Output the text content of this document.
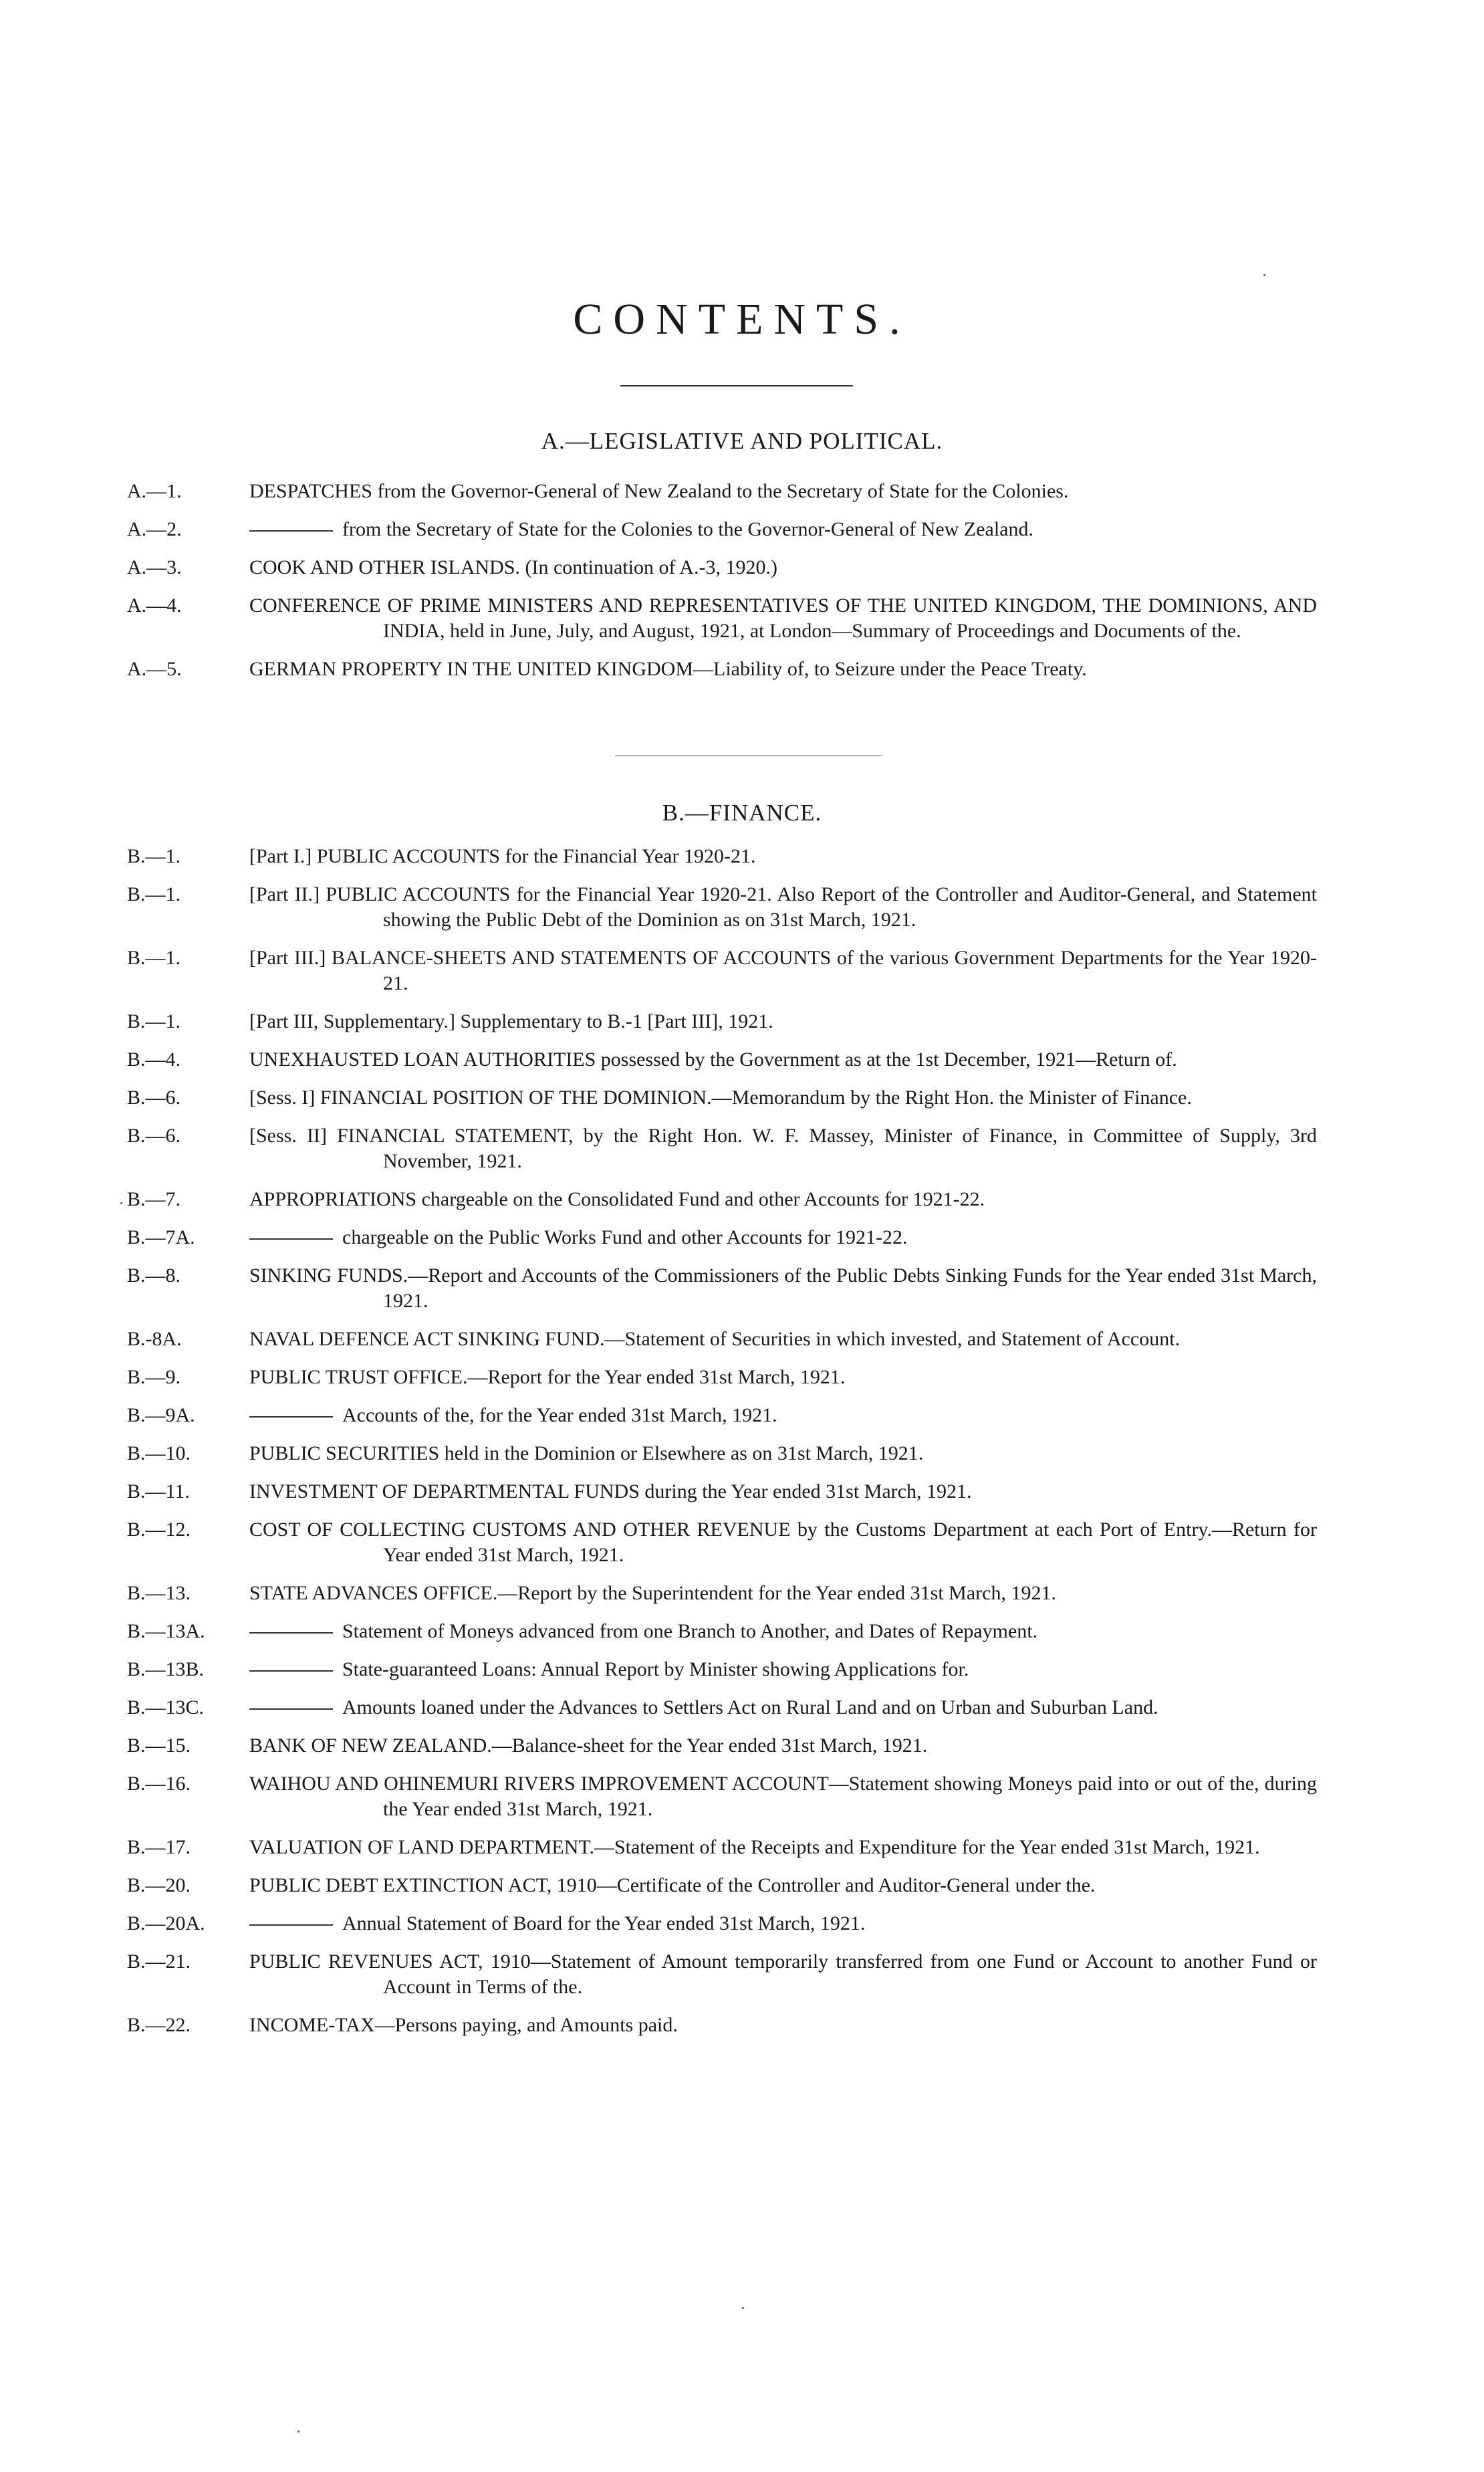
CONTENTS.
A.—LEGISLATIVE AND POLITICAL.
A.—1.	DESPATCHES from the Governor-General of New Zealand to the Secretary of State for the Colonies.
A.—2.	from the Secretary of State for the Colonies to the Governor-General of New Zealand.
A.—3.	COOK AND OTHER ISLANDS. (In continuation of A.-3, 1920.)
A.—4.	CONFERENCE OF PRIME MINISTERS AND REPRESENTATIVES OF THE UNITED KINGDOM, THE DOMINIONS, AND INDIA, held in June, July, and August, 1921, at London—Summary of Proceedings and Documents of the.
A.—5.	GERMAN PROPERTY IN THE UNITED KINGDOM—Liability of, to Seizure under the Peace Treaty.
B.—FINANCE.
B.—1.	[Part I.] PUBLIC ACCOUNTS for the Financial Year 1920-21.
B.—1.	[Part II.] PUBLIC ACCOUNTS for the Financial Year 1920-21. Also Report of the Controller and Auditor-General, and Statement showing the Public Debt of the Dominion as on 31st March, 1921.
B.—1.	[Part III.] BALANCE-SHEETS AND STATEMENTS OF ACCOUNTS of the various Government Departments for the Year 1920-21.
B.—1.	[Part III, Supplementary.] Supplementary to B.-1 [Part III], 1921.
B.—4.	UNEXHAUSTED LOAN AUTHORITIES possessed by the Government as at the 1st December, 1921—Return of.
B.—6.	[Sess. I] FINANCIAL POSITION OF THE DOMINION.—Memorandum by the Right Hon. the Minister of Finance.
B.—6.	[Sess. II] FINANCIAL STATEMENT, by the Right Hon. W. F. Massey, Minister of Finance, in Committee of Supply, 3rd November, 1921.
B.—7.	APPROPRIATIONS chargeable on the Consolidated Fund and other Accounts for 1921-22.
B.—7A.	chargeable on the Public Works Fund and other Accounts for 1921-22.
B.—8.	SINKING FUNDS.—Report and Accounts of the Commissioners of the Public Debts Sinking Funds for the Year ended 31st March, 1921.
B.-8A.	NAVAL DEFENCE ACT SINKING FUND.—Statement of Securities in which invested, and Statement of Account.
B.—9.	PUBLIC TRUST OFFICE.—Report for the Year ended 31st March, 1921.
B.—9A.	Accounts of the, for the Year ended 31st March, 1921.
B.—10.	PUBLIC SECURITIES held in the Dominion or Elsewhere as on 31st March, 1921.
B.—11.	INVESTMENT OF DEPARTMENTAL FUNDS during the Year ended 31st March, 1921.
B.—12.	COST OF COLLECTING CUSTOMS AND OTHER REVENUE by the Customs Department at each Port of Entry.—Return for Year ended 31st March, 1921.
B.—13.	STATE ADVANCES OFFICE.—Report by the Superintendent for the Year ended 31st March, 1921.
B.—13A.	Statement of Moneys advanced from one Branch to Another, and Dates of Repayment.
B.—13B.	State-guaranteed Loans: Annual Report by Minister showing Applications for.
B.—13C.	Amounts loaned under the Advances to Settlers Act on Rural Land and on Urban and Suburban Land.
B.—15.	BANK OF NEW ZEALAND.—Balance-sheet for the Year ended 31st March, 1921.
B.—16.	WAIHOU AND OHINEMURI RIVERS IMPROVEMENT ACCOUNT—Statement showing Moneys paid into or out of the, during the Year ended 31st March, 1921.
B.—17.	VALUATION OF LAND DEPARTMENT.—Statement of the Receipts and Expenditure for the Year ended 31st March, 1921.
B.—20.	PUBLIC DEBT EXTINCTION ACT, 1910—Certificate of the Controller and Auditor-General under the.
B.—20A.	Annual Statement of Board for the Year ended 31st March, 1921.
B.—21.	PUBLIC REVENUES ACT, 1910—Statement of Amount temporarily transferred from one Fund or Account to another Fund or Account in Terms of the.
B.—22.	INCOME-TAX—Persons paying, and Amounts paid.
